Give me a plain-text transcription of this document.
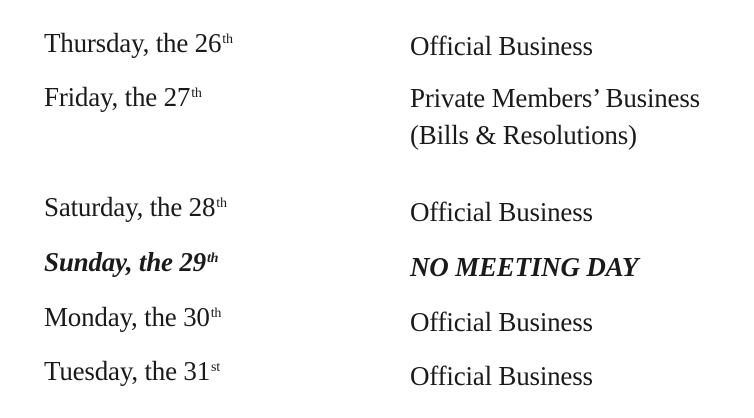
Thursday, the 26th	Official Business
Friday, the 27th	Private Members’ Business
(Bills & Resolutions)
Saturday, the 28th	Official Business
Sunday, the 29th	NO MEETING DAY
Monday, the 30th	Official Business
Tuesday, the 31st	Official Business
